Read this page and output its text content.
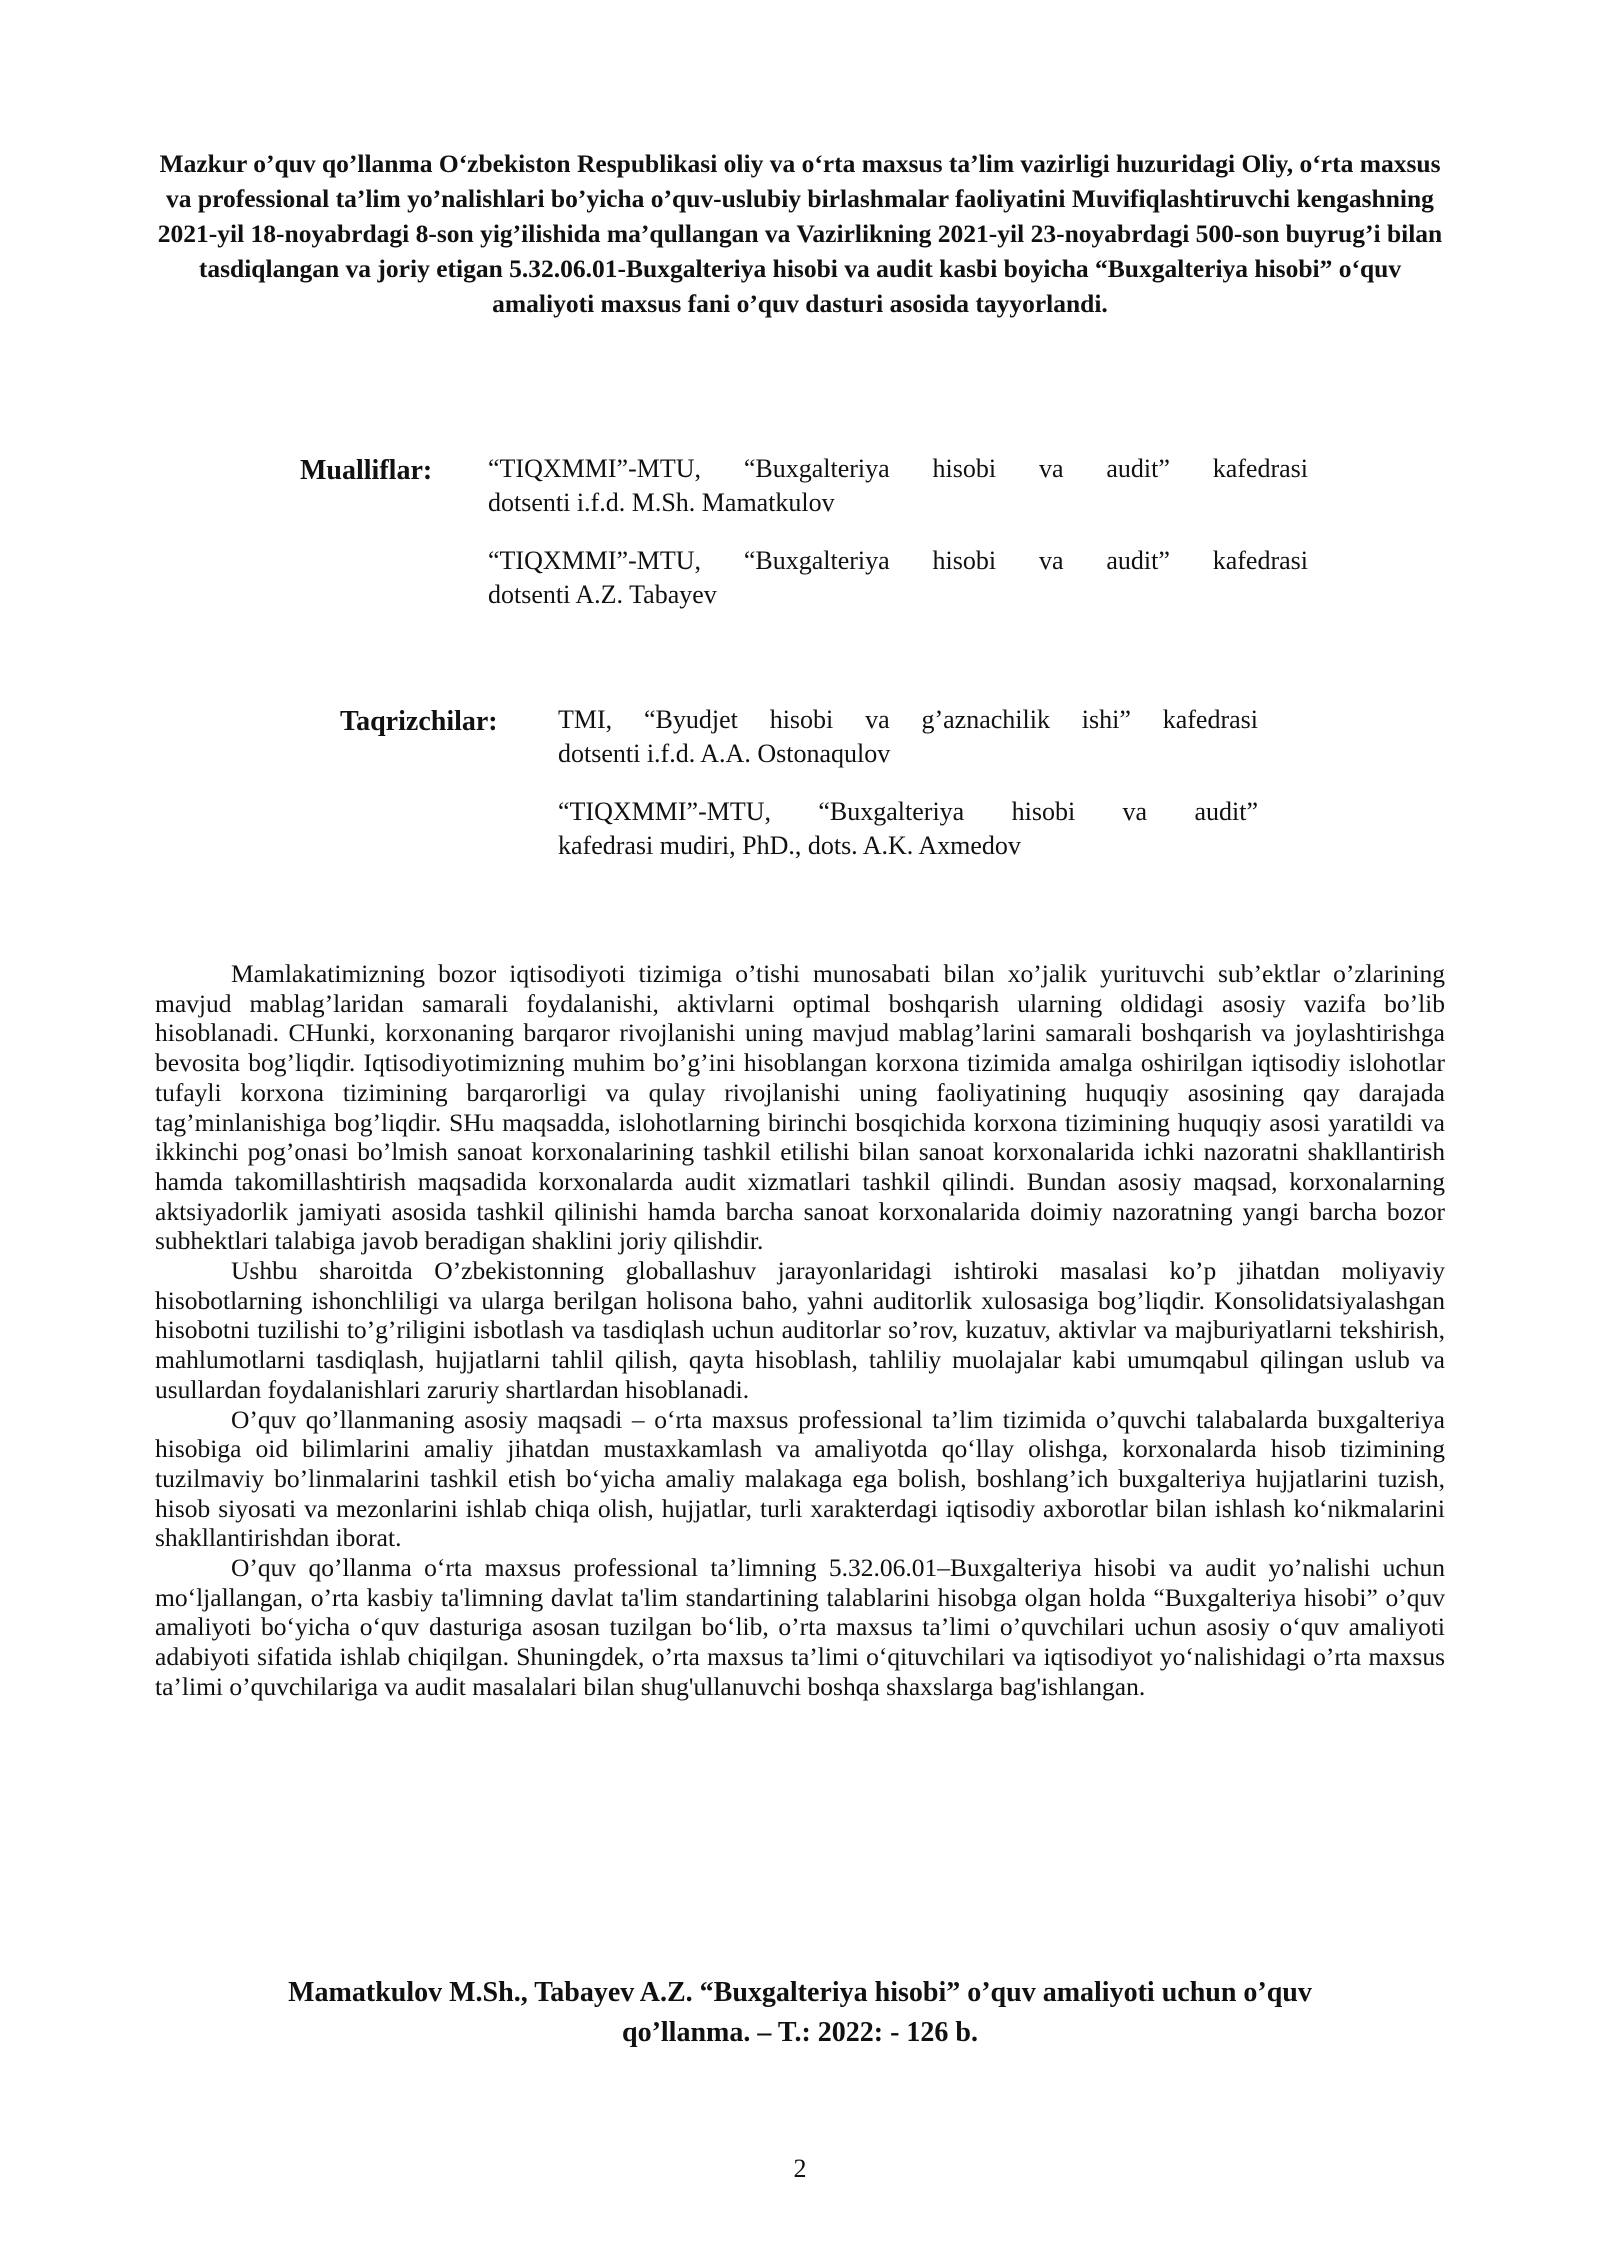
Mazkur o’quv qo’llanma O‘zbekiston Respublikasi oliy va o‘rta maxsus ta’lim vazirligi huzuridagi Oliy, o‘rta maxsus va professional ta’lim yo’nalishlari bo’yicha o’quv-uslubiy birlashmalar faoliyatini Muvifiqlashtiruvchi kengashning 2021-yil 18-noyabrdagi 8-son yig’ilishida ma’qullangan va Vazirlikning 2021-yil 23-noyabrdagi 500-son buyrug’i bilan tasdiqlangan va joriy etigan 5.32.06.01-Buxgalteriya hisobi va audit kasbi boyicha “Buxgalteriya hisobi” o‘quv amaliyoti maxsus fani o’quv dasturi asosida tayyorlandi.

Mualliflar:	“TIQXMMI”-MTU, “Buxgalteriya hisobi va audit” kafedrasi
dotsenti i.f.d. M.Sh. Mamatkulov
“TIQXMMI”-MTU, “Buxgalteriya hisobi va audit” kafedrasi
dotsenti A.Z. Tabayev
Taqrizchilar:	TMI, “Byudjet hisobi va g’aznachilik ishi” kafedrasi
dotsenti i.f.d. A.A. Ostonaqulov
“TIQXMMI”-MTU, “Buxgalteriya hisobi va audit”
kafedrasi mudiri, PhD., dots. A.K. Axmedov

Mamlakatimizning bozor iqtisodiyoti tizimiga o’tishi munosabati bilan xo’jalik yurituvchi sub’ektlar o’zlarining mavjud mablag’laridan samarali foydalanishi, aktivlarni optimal boshqarish ularning oldidagi asosiy vazifa bo’lib hisoblanadi. CHunki, korxonaning barqaror rivojlanishi uning mavjud mablag’larini samarali boshqarish va joylashtirishga bevosita bog’liqdir. Iqtisodiyotimizning muhim bo’g’ini hisoblangan korxona tizimida amalga oshirilgan iqtisodiy islohotlar tufayli korxona tizimining barqarorligi va qulay rivojlanishi uning faoliyatining huquqiy asosining qay darajada tag’minlanishiga bog’liqdir. SHu maqsadda, islohotlarning birinchi bosqichida korxona tizimining huquqiy asosi yaratildi va ikkinchi pog’onasi bo’lmish sanoat korxonalarining tashkil etilishi bilan sanoat korxonalarida ichki nazoratni shakllantirish hamda takomillashtirish maqsadida korxonalarda audit xizmatlari tashkil qilindi. Bundan asosiy maqsad, korxonalarning aktsiyadorlik jamiyati asosida tashkil qilinishi hamda barcha sanoat korxonalarida doimiy nazoratning yangi barcha bozor subhektlari talabiga javob beradigan shaklini joriy qilishdir.

Ushbu sharoitda O’zbekistonning globallashuv jarayonlaridagi ishtiroki masalasi ko’p jihatdan moliyaviy hisobotlarning ishonchliligi va ularga berilgan holisona baho, yahni auditorlik xulosasiga bog’liqdir. Konsolidatsiyalashgan hisobotni tuzilishi to’g’riligini isbotlash va tasdiqlash uchun auditorlar so’rov, kuzatuv, aktivlar va majburiyatlarni tekshirish, mahlumotlarni tasdiqlash, hujjatlarni tahlil qilish, qayta hisoblash, tahliliy muolajalar kabi umumqabul qilingan uslub va usullardan foydalanishlari zaruriy shartlardan hisoblanadi.

O’quv qo’llanmaning asosiy maqsadi – o‘rta maxsus professional ta’lim tizimida o’quvchi talabalarda buxgalteriya hisobiga oid bilimlarini amaliy jihatdan mustaxkamlash va amaliyotda qo‘llay olishga, korxonalarda hisob tizimining tuzilmaviy bo’linmalarini tashkil etish bo‘yicha amaliy malakaga ega bolish, boshlang’ich buxgalteriya hujjatlarini tuzish, hisob siyosati va mezonlarini ishlab chiqa olish, hujjatlar, turli xarakterdagi iqtisodiy axborotlar bilan ishlash ko‘nikmalarini shakllantirishdan iborat.

O’quv qo’llanma o‘rta maxsus professional ta’limning 5.32.06.01–Buxgalteriya hisobi va audit yo’nalishi uchun mo‘ljallangan, o’rta kasbiy ta'limning davlat ta'lim standartining talablarini hisobga olgan holda “Buxgalteriya hisobi” o’quv amaliyoti bo‘yicha o‘quv dasturiga asosan tuzilgan bo‘lib, o’rta maxsus ta’limi o’quvchilari uchun asosiy o‘quv amaliyoti adabiyoti sifatida ishlab chiqilgan. Shuningdek, o’rta maxsus ta’limi o‘qituvchilari va iqtisodiyot yo‘nalishidagi o’rta maxsus ta’limi o’quvchilariga va audit masalalari bilan shug'ullanuvchi boshqa shaxslarga bag'ishlangan.

Mamatkulov M.Sh., Tabayev A.Z. “Buxgalteriya hisobi” o’quv amaliyoti uchun o’quv
qo’llanma. – T.: 2022: - 126 b.
2
